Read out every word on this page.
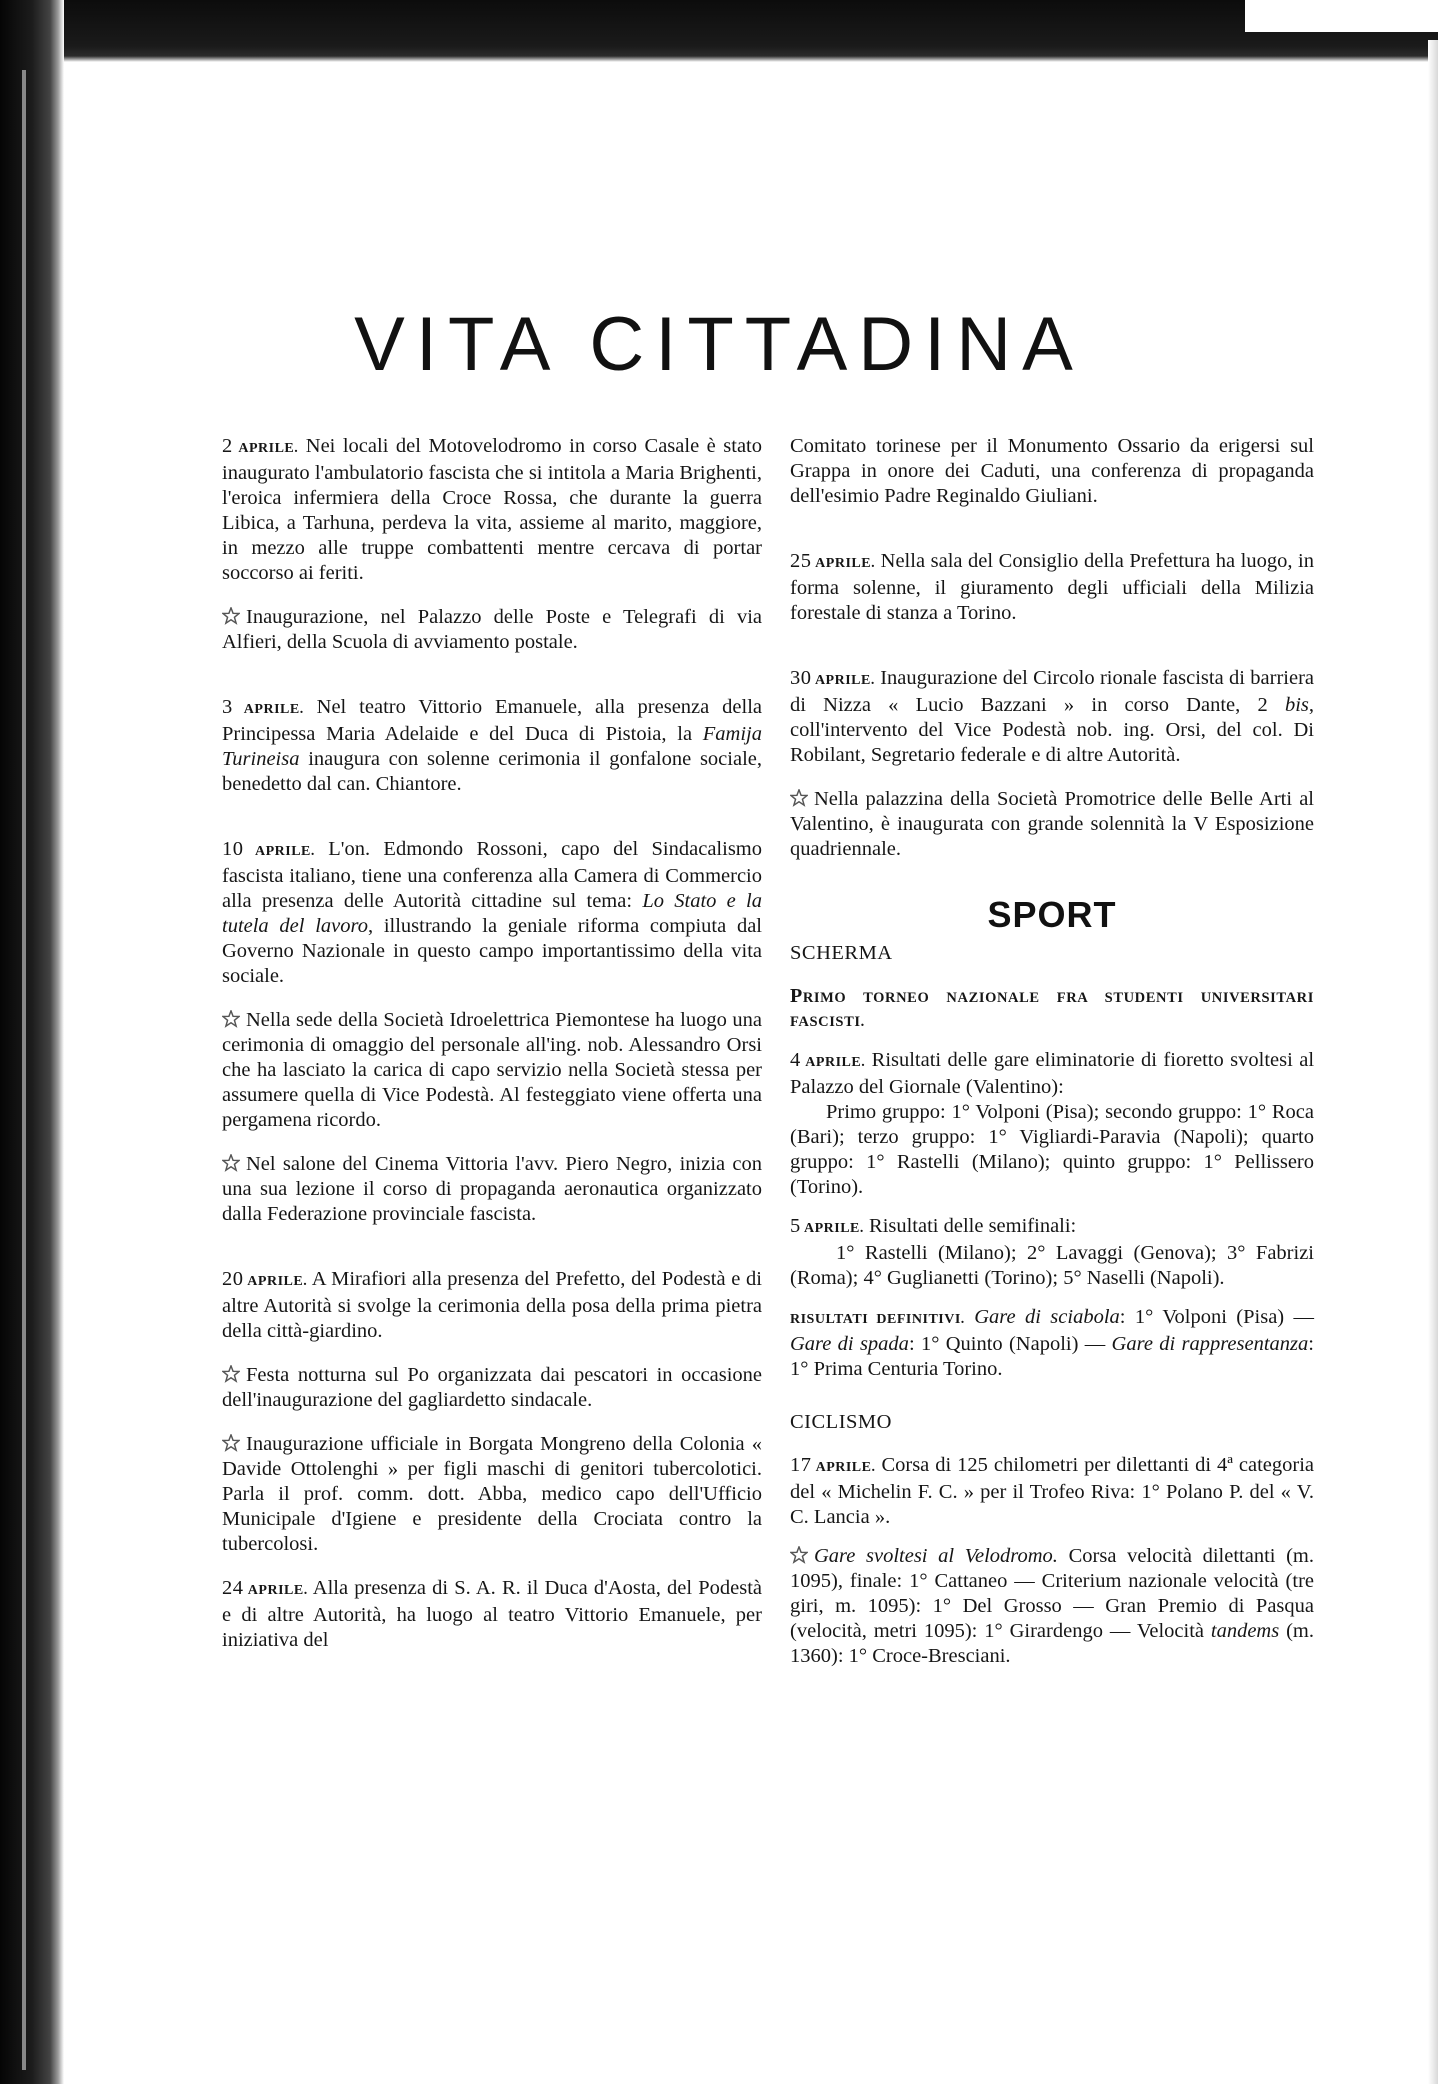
VITA CITTADINA

2 APRILE. Nei locali del Motovelodromo in corso Casale è stato inaugurato l'ambulatorio fascista che si intitola a Maria Brighenti, l'eroica infermiera della Croce Rossa, che durante la guerra Libica, a Tarhuna, perdeva la vita, assieme al marito, maggiore, in mezzo alle truppe combattenti mentre cercava di portar soccorso ai feriti.

Inaugurazione, nel Palazzo delle Poste e Telegrafi di via Alfieri, della Scuola di avviamento postale.

3 APRILE. Nel teatro Vittorio Emanuele, alla presenza della Principessa Maria Adelaide e del Duca di Pistoia, la Famija Turineisa inaugura con solenne cerimonia il gonfalone sociale, benedetto dal can. Chiantore.

10 APRILE. L'on. Edmondo Rossoni, capo del Sindacalismo fascista italiano, tiene una conferenza alla Camera di Commercio alla presenza delle Autorità cittadine sul tema: Lo Stato e la tutela del lavoro, illustrando la geniale riforma compiuta dal Governo Nazionale in questo campo importantissimo della vita sociale.

Nella sede della Società Idroelettrica Piemontese ha luogo una cerimonia di omaggio del personale all'ing. nob. Alessandro Orsi che ha lasciato la carica di capo servizio nella Società stessa per assumere quella di Vice Podestà. Al festeggiato viene offerta una pergamena ricordo.

Nel salone del Cinema Vittoria l'avv. Piero Negro, inizia con una sua lezione il corso di propaganda aeronautica organizzato dalla Federazione provinciale fascista.

20 APRILE. A Mirafiori alla presenza del Prefetto, del Podestà e di altre Autorità si svolge la cerimonia della posa della prima pietra della città-giardino.

Festa notturna sul Po organizzata dai pescatori in occasione dell'inaugurazione del gagliardetto sindacale.

Inaugurazione ufficiale in Borgata Mongreno della Colonia « Davide Ottolenghi » per figli maschi di genitori tubercolotici. Parla il prof. comm. dott. Abba, medico capo dell'Ufficio Municipale d'Igiene e presidente della Crociata contro la tubercolosi.

24 APRILE. Alla presenza di S. A. R. il Duca d'Aosta, del Podestà e di altre Autorità, ha luogo al teatro Vittorio Emanuele, per iniziativa del

Comitato torinese per il Monumento Ossario da erigersi sul Grappa in onore dei Caduti, una conferenza di propaganda dell'esimio Padre Reginaldo Giuliani.

25 APRILE. Nella sala del Consiglio della Prefettura ha luogo, in forma solenne, il giuramento degli ufficiali della Milizia forestale di stanza a Torino.

30 APRILE. Inaugurazione del Circolo rionale fascista di barriera di Nizza « Lucio Bazzani » in corso Dante, 2 bis, coll'intervento del Vice Podestà nob. ing. Orsi, del col. Di Robilant, Segretario federale e di altre Autorità.

Nella palazzina della Società Promotrice delle Belle Arti al Valentino, è inaugurata con grande solennità la V Esposizione quadriennale.

SPORT
SCHERMA

PRIMO TORNEO NAZIONALE FRA STUDENTI UNIVERSITARI FASCISTI.

4 APRILE. Risultati delle gare eliminatorie di fioretto svoltesi al Palazzo del Giornale (Valentino):
Primo gruppo: 1° Volponi (Pisa); secondo gruppo: 1° Roca (Bari); terzo gruppo: 1° Vigliardi-Paravia (Napoli); quarto gruppo: 1° Rastelli (Milano); quinto gruppo: 1° Pellissero (Torino).

5 APRILE. Risultati delle semifinali:
1° Rastelli (Milano); 2° Lavaggi (Genova); 3° Fabrizi (Roma); 4° Guglianetti (Torino); 5° Naselli (Napoli).

RISULTATI DEFINITIVI. Gare di sciabola: 1° Volponi (Pisa) — Gare di spada: 1° Quinto (Napoli) — Gare di rappresentanza: 1° Prima Centuria Torino.

CICLISMO

17 APRILE. Corsa di 125 chilometri per dilettanti di 4ª categoria del « Michelin F. C. » per il Trofeo Riva: 1° Polano P. del « V. C. Lancia ».

Gare svoltesi al Velodromo. Corsa velocità dilettanti (m. 1095), finale: 1° Cattaneo — Criterium nazionale velocità (tre giri, m. 1095): 1° Del Grosso — Gran Premio di Pasqua (velocità, metri 1095): 1° Girardengo — Velocità tandems (m. 1360): 1° Croce-Bresciani.
